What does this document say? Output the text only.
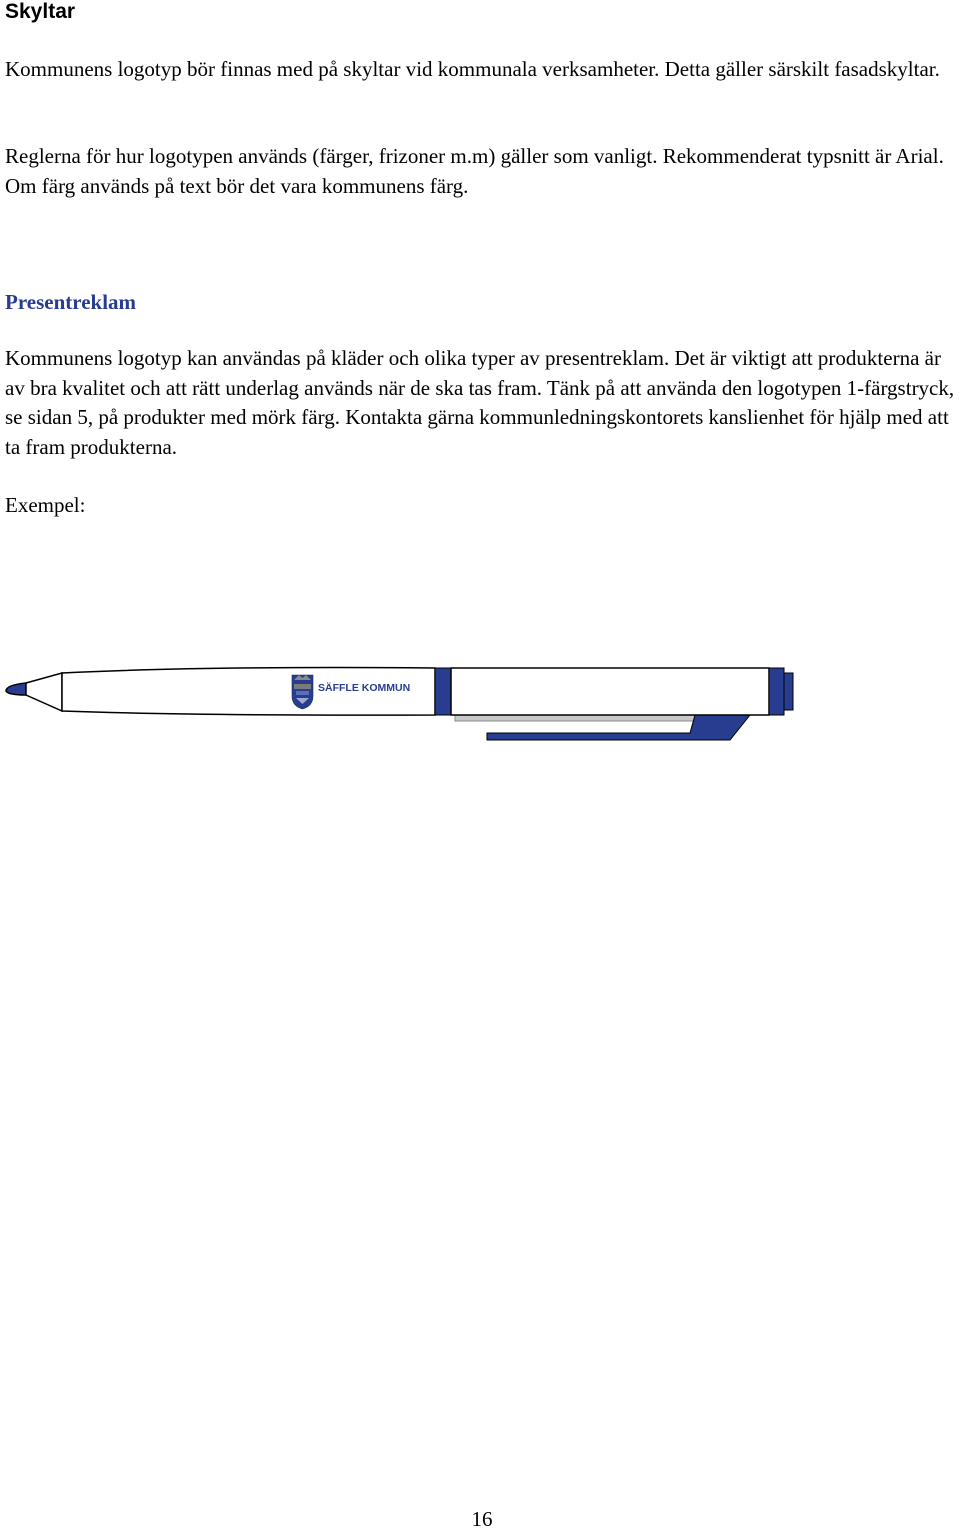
Skyltar

Kommunens logotyp bör finnas med på skyltar vid kommunala verksamheter. Detta gäller särskilt fasadskyltar.

Reglerna för hur logotypen används (färger, frizoner m.m) gäller som vanligt. Rekommenderat typsnitt är Arial. Om färg används på text bör det vara kommunens färg.

Presentreklam

Kommunens logotyp kan användas på kläder och olika typer av presentreklam. Det är viktigt att produkterna är av bra kvalitet och att rätt underlag används när de ska tas fram. Tänk på att använda den logotypen 1-färgstryck, se sidan 5, på produkter med mörk färg. Kontakta gärna kommunledningskontorets kanslienhet för hjälp med att ta fram produkterna.

Exempel:

SÄFFLE KOMMUN
16
